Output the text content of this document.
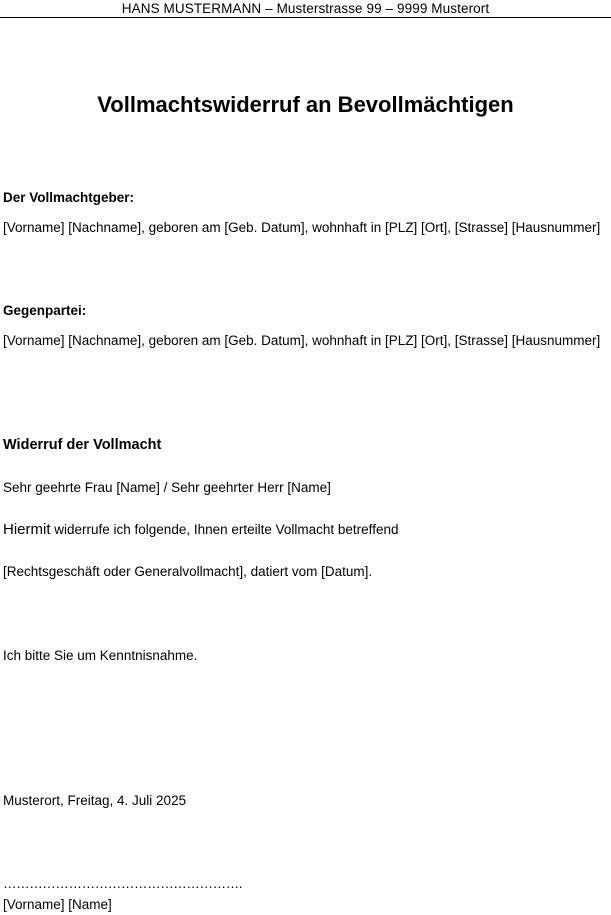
HANS MUSTERMANN – Musterstrasse 99 – 9999 Musterort
Vollmachtswiderruf an Bevollmächtigen
Der Vollmachtgeber:
[Vorname] [Nachname], geboren am [Geb. Datum], wohnhaft in [PLZ] [Ort], [Strasse] [Hausnummer]
Gegenpartei:
[Vorname] [Nachname], geboren am [Geb. Datum], wohnhaft in [PLZ] [Ort], [Strasse] [Hausnummer]
Widerruf der Vollmacht
Sehr geehrte Frau [Name] / Sehr geehrter Herr [Name]
Hiermit widerrufe ich folgende, Ihnen erteilte Vollmacht betreffend
[Rechtsgeschäft oder Generalvollmacht], datiert vom [Datum].
Ich bitte Sie um Kenntnisnahme.
Musterort, Freitag, 4. Juli 2025
……………………………………………….
[Vorname] [Name]
